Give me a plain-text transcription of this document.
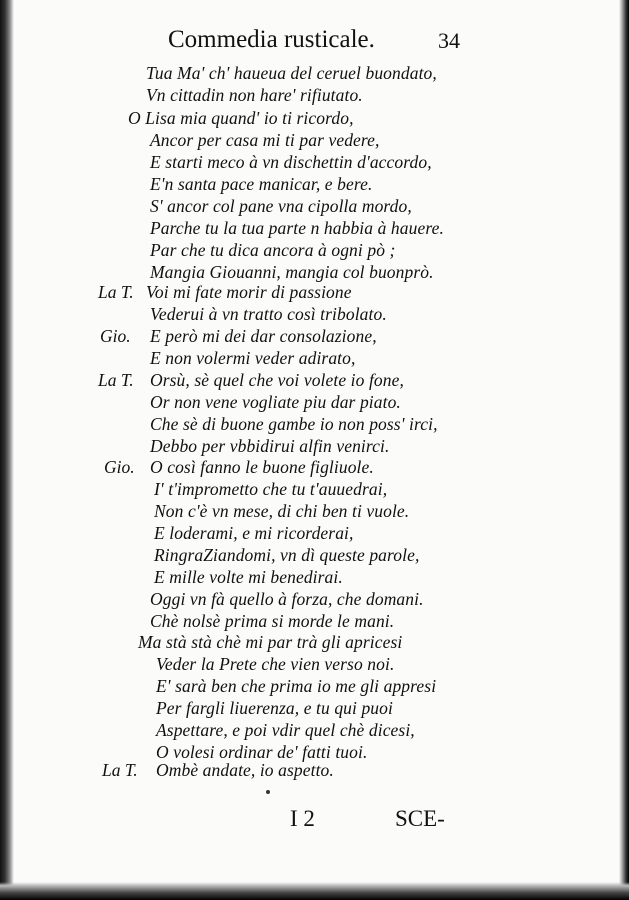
Commedia rusticale.	34
La T.
Gio.
La T.
Gio.
La T.
Tua Ma' ch' haueua del ceruel buondato,
Vn cittadin non hare' rifiutato.
O Lisa mia quand' io ti ricordo,
Ancor per casa mi ti par vedere,
E starti meco à vn dischettin d'accordo,
E'n santa pace manicar, e bere.
S' ancor col pane vna cipolla mordo,
Parche tu la tua parte n habbia à hauere.
Par che tu dica ancora à ogni pò ;
Mangia Giouanni, mangia col buonprò.
Voi mi fate morir di passione
Vederui à vn tratto così tribolato.
E però mi dei dar consolazione,
E non volermi veder adirato,
Orsù, sè quel che voi volete io fone,
Or non vene vogliate piu dar piato.
Che sè di buone gambe io non poss' irci,
Debbo per vbbidirui alfin venirci.
O così fanno le buone figliuole.
I' t'imprometto che tu t'auuedrai,
Non c'è vn mese, di chi ben ti vuole.
E loderami, e mi ricorderai,
RingraZiandomi, vn dì queste parole,
E mille volte mi benedirai.
Oggi vn fà quello à forza, che domani.
Chè nolsè prima si morde le mani.
Ma stà stà chè mi par trà gli apricesi
Veder la Prete che vien verso noi.
E' sarà ben che prima io me gli appresi
Per fargli liuerenza, e tu qui puoi
Aspettare, e poi vdir quel chè dicesi,
O volesi ordinar de' fatti tuoi.
Ombè andate, io aspetto.
I 2	SCE-
